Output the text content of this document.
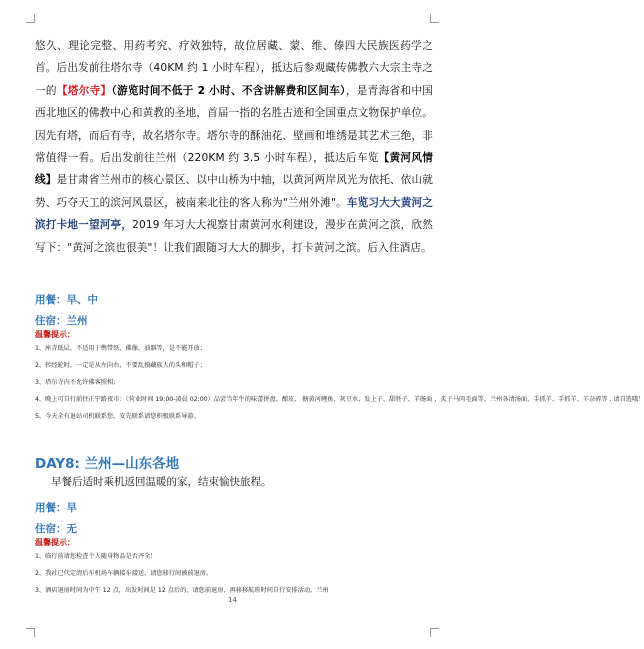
悠久、理论完整、用药考究、疗效独特，故位居藏、蒙、维、傣四大民族医药学之首。后出发前往塔尔寺（40KM 约 1 小时车程），抵达后参观藏传佛教六大宗主寺之一的【塔尔寺】（游览时间不低于 2 小时、不含讲解费和区间车），是青海省和中国西北地区的佛教中心和黄教的圣地，首届一指的名胜古迹和全国重点文物保护单位。因先有塔，而后有寺，故名塔尔寺。塔尔寺的酥油花、壁画和堆绣是其艺术三绝，非常值得一看。后出发前往兰州（220KM 约 3.5 小时车程），抵达后车览【黄河风情线】是甘肃省兰州市的核心景区、以中山桥为中轴，以黄河两岸风光为依托、依山就势、巧夺天工的滨河风景区，被南来北往的客人称为"兰州外滩"。车览习大大黄河之滨打卡地一望河亭，2019 年习大大视察甘肃黄河水利建设，漫步在黄河之滨，欣然写下："黄河之滨也很美"！让我们跟随习大大的脚步，打卡黄河之滨。后入住酒店。
用餐：早、中
住宿：兰州
温馨提示：
1、座青低层，不适用于携带纸、佛像、油器等，是不能开放；
2、转经轮时，一定是从左向右，不要乱摸藏族人的头和帽子；
3、塔尔寺内不允许佛客照相；
4、晚上可自行前往正宁路夜市：（营业时间 19:00-凌晨 02:00）品尝当年牛的味蕾拼盘、酿皮、 搪黄河鲤鱼、灰豆水、发上子、甜胚子、羊肠面 ，炙子马肉毛面等、兰州各清汤面、手抓羊、手抓羊、羊杂碎等 . 请自选哦！
5、今天全有退站司机联系您，安先联系请您积极联系导游。
DAY8: 兰州—山东各地
早餐后适时乘机返回温暖的家，结束愉快旅程。
用餐：早
住宿：无
温馨提示：
1、临行前请您检查个人随身物品是否齐全！
2、我社已代定清后车机场车辆接车接送，请您移行间被前退房。
3、酒店退房时间为中午 12 点，出发时间是 12 点后的，请您前退房，再移移航班时间自行安排活动。兰州
14
